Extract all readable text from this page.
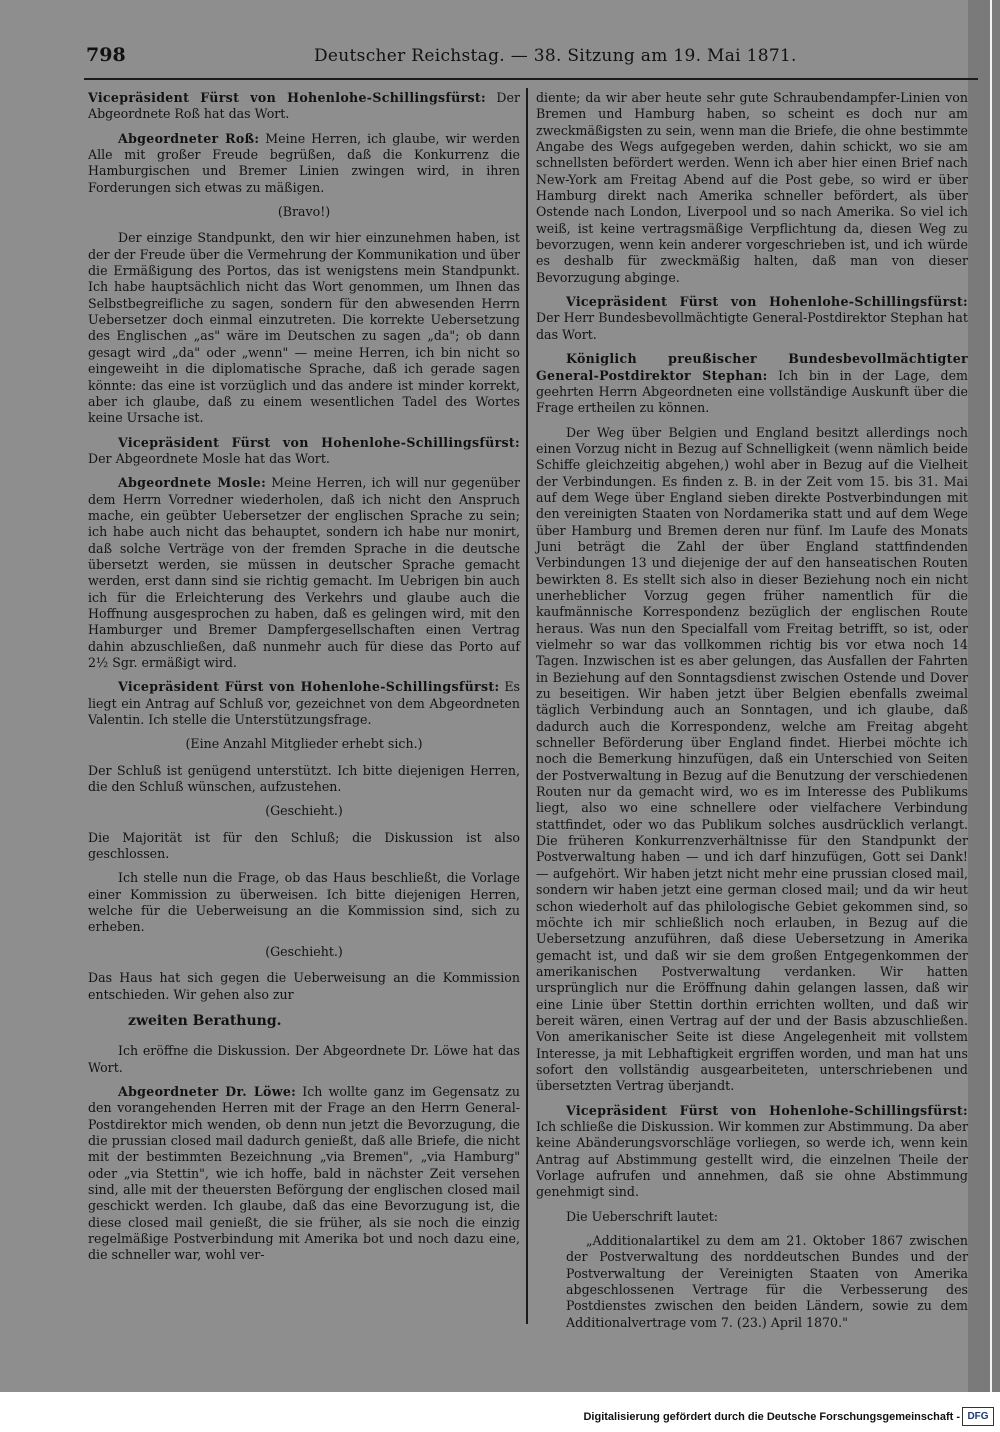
798	Deutscher Reichstag. — 38. Sitzung am 19. Mai 1871.

Vicepräsident Fürst von Hohenlohe-Schillingsfürst: Der Abgeordnete Roß hat das Wort.

Abgeordneter Roß: Meine Herren, ich glaube, wir werden Alle mit großer Freude begrüßen, daß die Konkurrenz die Hamburgischen und Bremer Linien zwingen wird, in ihren Forderungen sich etwas zu mäßigen.

(Bravo!)

Der einzige Standpunkt, den wir hier einzunehmen haben, ist der der Freude über die Vermehrung der Kommunikation und über die Ermäßigung des Portos, das ist wenigstens mein Standpunkt. Ich habe hauptsächlich nicht das Wort genommen, um Ihnen das Selbstbegreifliche zu sagen, sondern für den abwesenden Herrn Uebersetzer doch einmal einzutreten. Die korrekte Uebersetzung des Englischen „as" wäre im Deutschen zu sagen „da"; ob dann gesagt wird „da" oder „wenn" — meine Herren, ich bin nicht so eingeweiht in die diplomatische Sprache, daß ich gerade sagen könnte: das eine ist vorzüglich und das andere ist minder korrekt, aber ich glaube, daß zu einem wesentlichen Tadel des Wortes keine Ursache ist.

Vicepräsident Fürst von Hohenlohe-Schillingsfürst: Der Abgeordnete Mosle hat das Wort.

Abgeordnete Mosle: Meine Herren, ich will nur gegenüber dem Herrn Vorredner wiederholen, daß ich nicht den Anspruch mache, ein geübter Uebersetzer der englischen Sprache zu sein; ich habe auch nicht das behauptet, sondern ich habe nur monirt, daß solche Verträge von der fremden Sprache in die deutsche übersetzt werden, sie müssen in deutscher Sprache gemacht werden, erst dann sind sie richtig gemacht. Im Uebrigen bin auch ich für die Erleichterung des Verkehrs und glaube auch die Hoffnung ausgesprochen zu haben, daß es gelingen wird, mit den Hamburger und Bremer Dampfergesellschaften einen Vertrag dahin abzuschließen, daß nunmehr auch für diese das Porto auf 2½ Sgr. ermäßigt wird.

Vicepräsident Fürst von Hohenlohe-Schillingsfürst: Es liegt ein Antrag auf Schluß vor, gezeichnet von dem Abgeordneten Valentin. Ich stelle die Unterstützungsfrage.

(Eine Anzahl Mitglieder erhebt sich.)

Der Schluß ist genügend unterstützt. Ich bitte diejenigen Herren, die den Schluß wünschen, aufzustehen.

(Geschieht.)

Die Majorität ist für den Schluß; die Diskussion ist also geschlossen.

Ich stelle nun die Frage, ob das Haus beschließt, die Vorlage einer Kommission zu überweisen. Ich bitte diejenigen Herren, welche für die Ueberweisung an die Kommission sind, sich zu erheben.

(Geschieht.)

Das Haus hat sich gegen die Ueberweisung an die Kommission entschieden. Wir gehen also zur

zweiten Berathung.

Ich eröffne die Diskussion. Der Abgeordnete Dr. Löwe hat das Wort.

Abgeordneter Dr. Löwe: Ich wollte ganz im Gegensatz zu den vorangehenden Herren mit der Frage an den Herrn General-Postdirektor mich wenden, ob denn nun jetzt die Bevorzugung, die die prussian closed mail dadurch genießt, daß alle Briefe, die nicht mit der bestimmten Bezeichnung „via Bremen", „via Hamburg" oder „via Stettin", wie ich hoffe, bald in nächster Zeit versehen sind, alle mit der theuersten Beförgung der englischen closed mail geschickt werden. Ich glaube, daß das eine Bevorzugung ist, die diese closed mail genießt, die sie früher, als sie noch die einzig regelmäßige Postverbindung mit Amerika bot und noch dazu eine, die schneller war, wohl ver-

diente; da wir aber heute sehr gute Schraubendampfer-Linien von Bremen und Hamburg haben, so scheint es doch nur am zweckmäßigsten zu sein, wenn man die Briefe, die ohne bestimmte Angabe des Wegs aufgegeben werden, dahin schickt, wo sie am schnellsten befördert werden. Wenn ich aber hier einen Brief nach New-York am Freitag Abend auf die Post gebe, so wird er über Hamburg direkt nach Amerika schneller befördert, als über Ostende nach London, Liverpool und so nach Amerika. So viel ich weiß, ist keine vertragsmäßige Verpflichtung da, diesen Weg zu bevorzugen, wenn kein anderer vorgeschrieben ist, und ich würde es deshalb für zweckmäßig halten, daß man von dieser Bevorzugung abginge.

Vicepräsident Fürst von Hohenlohe-Schillingsfürst: Der Herr Bundesbevollmächtigte General-Postdirektor Stephan hat das Wort.

Königlich preußischer Bundesbevollmächtigter General-Postdirektor Stephan: Ich bin in der Lage, dem geehrten Herrn Abgeordneten eine vollständige Auskunft über die Frage ertheilen zu können.

Der Weg über Belgien und England besitzt allerdings noch einen Vorzug nicht in Bezug auf Schnelligkeit (wenn nämlich beide Schiffe gleichzeitig abgehen,) wohl aber in Bezug auf die Vielheit der Verbindungen. Es finden z. B. in der Zeit vom 15. bis 31. Mai auf dem Wege über England sieben direkte Postverbindungen mit den vereinigten Staaten von Nordamerika statt und auf dem Wege über Hamburg und Bremen deren nur fünf. Im Laufe des Monats Juni beträgt die Zahl der über England stattfindenden Verbindungen 13 und diejenige der auf den hanseatischen Routen bewirkten 8. Es stellt sich also in dieser Beziehung noch ein nicht unerheblicher Vorzug gegen früher namentlich für die kaufmännische Korrespondenz bezüglich der englischen Route heraus. Was nun den Specialfall vom Freitag betrifft, so ist, oder vielmehr so war das vollkommen richtig bis vor etwa noch 14 Tagen. Inzwischen ist es aber gelungen, das Ausfallen der Fahrten in Beziehung auf den Sonntagsdienst zwischen Ostende und Dover zu beseitigen. Wir haben jetzt über Belgien ebenfalls zweimal täglich Verbindung auch an Sonntagen, und ich glaube, daß dadurch auch die Korrespondenz, welche am Freitag abgeht schneller Beförderung über England findet. Hierbei möchte ich noch die Bemerkung hinzufügen, daß ein Unterschied von Seiten der Postverwaltung in Bezug auf die Benutzung der verschiedenen Routen nur da gemacht wird, wo es im Interesse des Publikums liegt, also wo eine schnellere oder vielfachere Verbindung stattfindet, oder wo das Publikum solches ausdrücklich verlangt. Die früheren Konkurrenzverhältnisse für den Standpunkt der Postverwaltung haben — und ich darf hinzufügen, Gott sei Dank! — aufgehört. Wir haben jetzt nicht mehr eine prussian closed mail, sondern wir haben jetzt eine german closed mail; und da wir heut schon wiederholt auf das philologische Gebiet gekommen sind, so möchte ich mir schließlich noch erlauben, in Bezug auf die Uebersetzung anzuführen, daß diese Uebersetzung in Amerika gemacht ist, und daß wir sie dem großen Entgegenkommen der amerikanischen Postverwaltung verdanken. Wir hatten ursprünglich nur die Eröffnung dahin gelangen lassen, daß wir eine Linie über Stettin dorthin errichten wollten, und daß wir bereit wären, einen Vertrag auf der und der Basis abzuschließen. Von amerikanischer Seite ist diese Angelegenheit mit vollstem Interesse, ja mit Lebhaftigkeit ergriffen worden, und man hat uns sofort den vollständig ausgearbeiteten, unterschriebenen und übersetzten Vertrag überjandt.

Vicepräsident Fürst von Hohenlohe-Schillingsfürst: Ich schließe die Diskussion. Wir kommen zur Abstimmung. Da aber keine Abänderungsvorschläge vorliegen, so werde ich, wenn kein Antrag auf Abstimmung gestellt wird, die einzelnen Theile der Vorlage aufrufen und annehmen, daß sie ohne Abstimmung genehmigt sind.

Die Ueberschrift lautet:

„Additionalartikel zu dem am 21. Oktober 1867 zwischen der Postverwaltung des norddeutschen Bundes und der Postverwaltung der Vereinigten Staaten von Amerika abgeschlossenen Vertrage für die Verbesserung des Postdienstes zwischen den beiden Ländern, sowie zu dem Additionalvertrage vom 7. (23.) April 1870."

Digitalisierung gefördert durch die Deutsche Forschungsgemeinschaft - DFG
